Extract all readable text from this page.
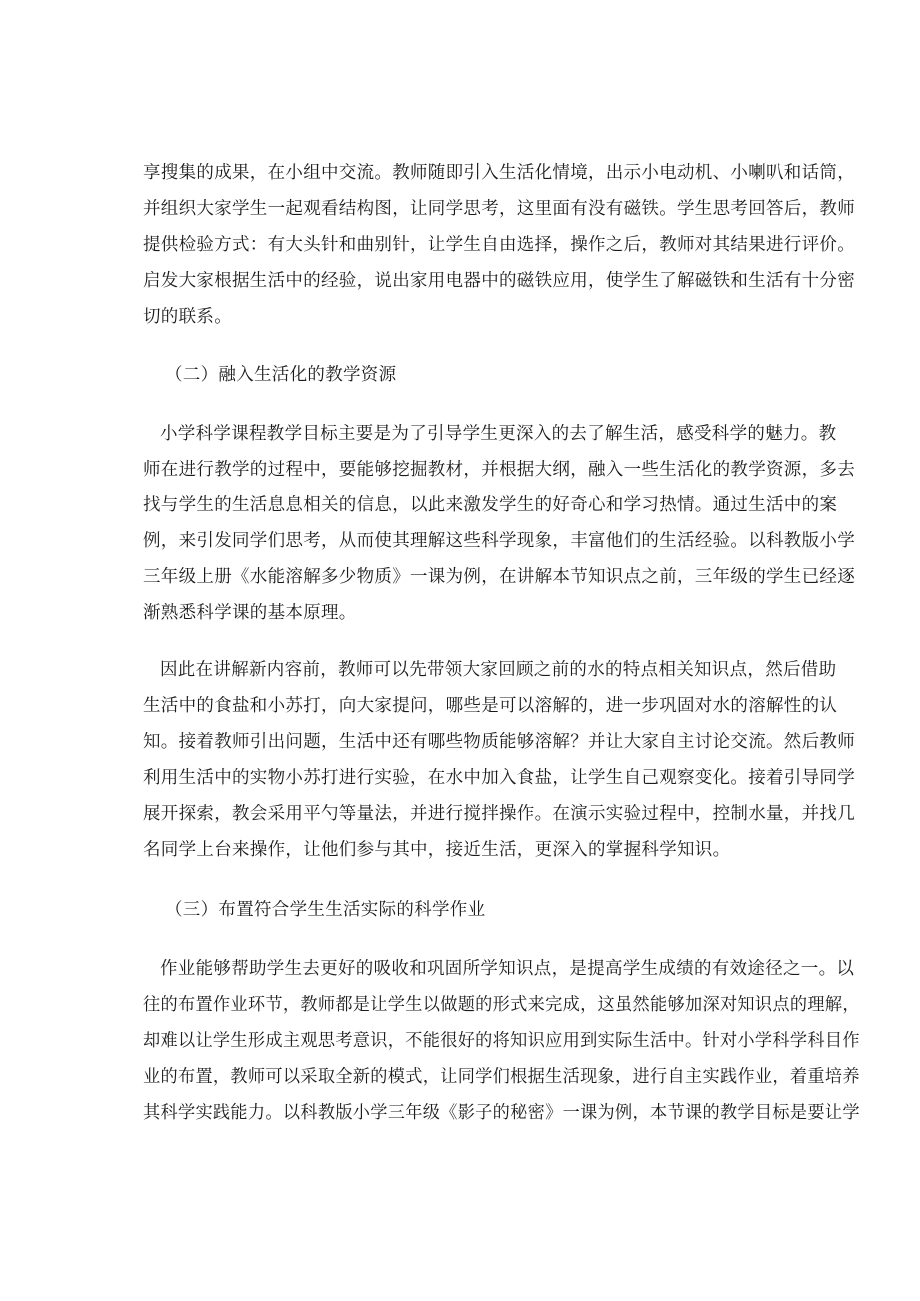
享搜集的成果，在小组中交流。教师随即引入生活化情境，出示小电动机、小喇叭和话筒，
并组织大家学生一起观看结构图，让同学思考，这里面有没有磁铁。学生思考回答后，教师
提供检验方式：有大头针和曲别针，让学生自由选择，操作之后，教师对其结果进行评价。
启发大家根据生活中的经验，说出家用电器中的磁铁应用，使学生了解磁铁和生活有十分密
切的联系。
（二）融入生活化的教学资源
小学科学课程教学目标主要是为了引导学生更深入的去了解生活，感受科学的魅力。教
师在进行教学的过程中，要能够挖掘教材，并根据大纲，融入一些生活化的教学资源，多去
找与学生的生活息息相关的信息，以此来激发学生的好奇心和学习热情。通过生活中的案
例，来引发同学们思考，从而使其理解这些科学现象，丰富他们的生活经验。以科教版小学
三年级上册《水能溶解多少物质》一课为例，在讲解本节知识点之前，三年级的学生已经逐
渐熟悉科学课的基本原理。
因此在讲解新内容前，教师可以先带领大家回顾之前的水的特点相关知识点，然后借助
生活中的食盐和小苏打，向大家提问，哪些是可以溶解的，进一步巩固对水的溶解性的认
知。接着教师引出问题，生活中还有哪些物质能够溶解？并让大家自主讨论交流。然后教师
利用生活中的实物小苏打进行实验，在水中加入食盐，让学生自己观察变化。接着引导同学
展开探索，教会采用平勺等量法，并进行搅拌操作。在演示实验过程中，控制水量，并找几
名同学上台来操作，让他们参与其中，接近生活，更深入的掌握科学知识。
（三）布置符合学生生活实际的科学作业
作业能够帮助学生去更好的吸收和巩固所学知识点，是提高学生成绩的有效途径之一。以
往的布置作业环节，教师都是让学生以做题的形式来完成，这虽然能够加深对知识点的理解，
却难以让学生形成主观思考意识，不能很好的将知识应用到实际生活中。针对小学科学科目作
业的布置，教师可以采取全新的模式，让同学们根据生活现象，进行自主实践作业，着重培养
其科学实践能力。以科教版小学三年级《影子的秘密》一课为例，本节课的教学目标是要让学
